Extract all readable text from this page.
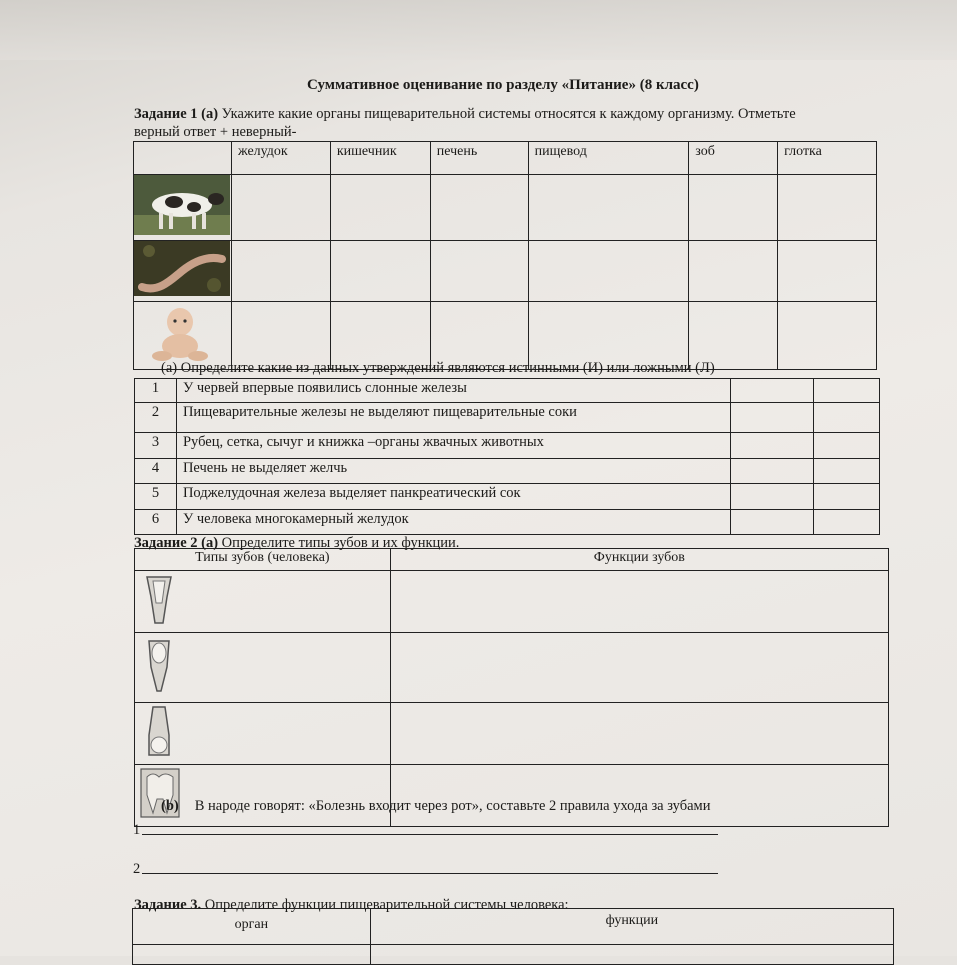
Суммативное оценивание по разделу «Питание» (8 класс)
Задание 1 (а) Укажите какие органы пищеварительной системы относятся к каждому организму. Отметьте
верный ответ + неверный-
	желудок	кишечник	печень	пищевод	зоб	глотка

(а) Определите какие из данных утверждений являются истинными (И) или ложными (Л)
1	У червей впервые появились слонные железы		
2	Пищеварительные железы не выделяют пищеварительные соки		
3	Рубец, сетка, сычуг и книжка –органы жвачных животных		
4	Печень не выделяет желчь		
5	Поджелудочная железа выделяет панкреатический сок		
6	У человека многокамерный желудок		
Задание 2 (а) Определите типы зубов и их функции.
Типы зубов (человека)	Функции зубов

(b) В народе говорят: «Болезнь входит через рот», составьте 2 правила ухода за зубами
1
2
Задание 3. Определите функции пищеварительной системы человека:
орган	функции
